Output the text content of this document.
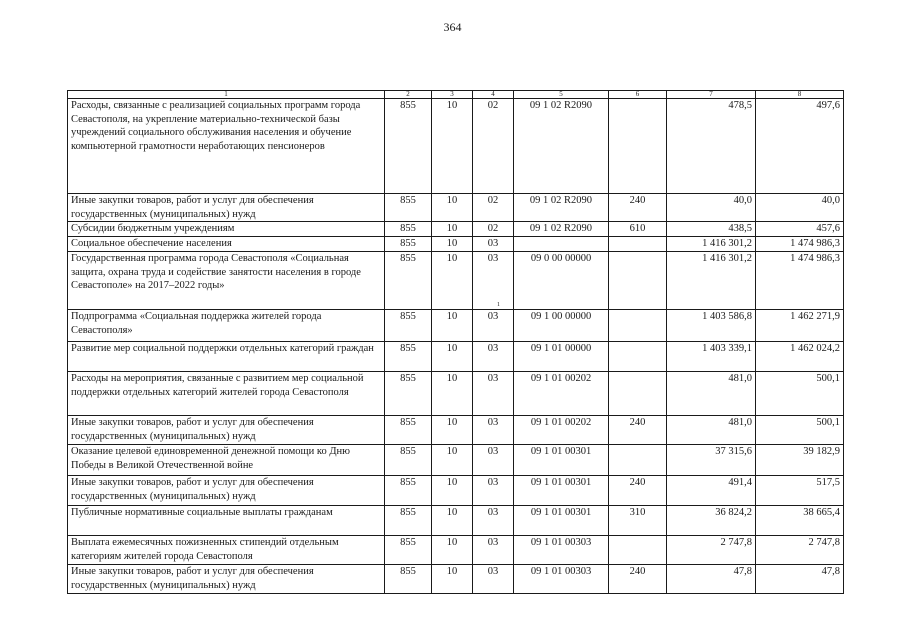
364
1	2	3	4	5	6	7	8
Расходы, связанные с реализацией социальных программ города Севастополя, на укрепление материально-технической базы учреждений социального обслуживания населения и обучение компьютерной грамотности неработающих пенсионеров	855	10	02	09 1 02 R2090		478,5	497,6
Иные закупки товаров, работ и услуг для обеспечения государственных (муниципальных) нужд	855	10	02	09 1 02 R2090	240	40,0	40,0
Субсидии бюджетным учреждениям	855	10	02	09 1 02 R2090	610	438,5	457,6
Социальное обеспечение населения	855	10	03			1 416 301,2	1 474 986,3
Государственная программа города Севастополя «Социальная защита, охрана труда и содействие занятости населения в городе Севастополе» на 2017–2022 годы»	855	10	03	09 0 00 00000		1 416 301,2	1 474 986,3
Подпрограмма «Социальная поддержка жителей города Севастополя»	855	10	03	09 1 00 00000		1 403 586,8	1 462 271,9
Развитие мер социальной поддержки отдельных категорий граждан	855	10	03	09 1 01 00000		1 403 339,1	1 462 024,2
Расходы на мероприятия, связанные с развитием мер социальной поддержки отдельных категорий жителей города Севастополя	855	10	03	09 1 01 00202		481,0	500,1
Иные закупки товаров, работ и услуг для обеспечения государственных (муниципальных) нужд	855	10	03	09 1 01 00202	240	481,0	500,1
Оказание целевой единовременной денежной помощи ко Дню Победы в Великой Отечественной войне	855	10	03	09 1 01 00301		37 315,6	39 182,9
Иные закупки товаров, работ и услуг для обеспечения государственных (муниципальных) нужд	855	10	03	09 1 01 00301	240	491,4	517,5
Публичные нормативные социальные выплаты гражданам	855	10	03	09 1 01 00301	310	36 824,2	38 665,4
Выплата ежемесячных пожизненных стипендий отдельным категориям жителей города Севастополя	855	10	03	09 1 01 00303		2 747,8	2 747,8
Иные закупки товаров, работ и услуг для обеспечения государственных (муниципальных) нужд	855	10	03	09 1 01 00303	240	47,8	47,8
1
